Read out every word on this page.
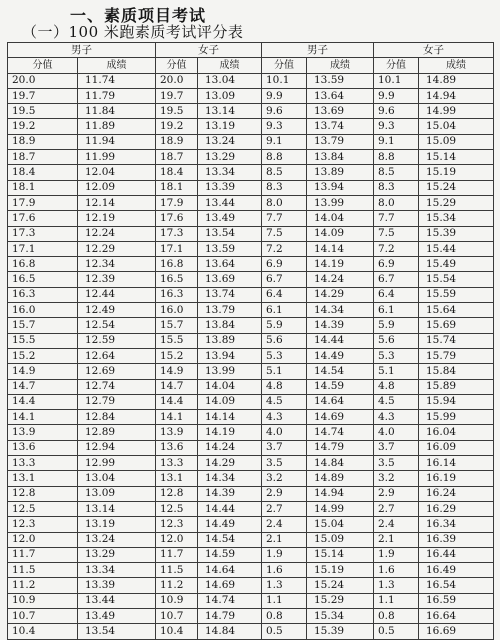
一、素质项目考试
（一）100 米跑素质考试评分表
男子		女子		男子		女子	
分值	成绩	分值	成绩	分值	成绩	分值	成绩
20.0	11.74	20.0	13.04	10.1	13.59	10.1	14.89
19.7	11.79	19.7	13.09	9.9	13.64	9.9	14.94
19.5	11.84	19.5	13.14	9.6	13.69	9.6	14.99
19.2	11.89	19.2	13.19	9.3	13.74	9.3	15.04
18.9	11.94	18.9	13.24	9.1	13.79	9.1	15.09
18.7	11.99	18.7	13.29	8.8	13.84	8.8	15.14
18.4	12.04	18.4	13.34	8.5	13.89	8.5	15.19
18.1	12.09	18.1	13.39	8.3	13.94	8.3	15.24
17.9	12.14	17.9	13.44	8.0	13.99	8.0	15.29
17.6	12.19	17.6	13.49	7.7	14.04	7.7	15.34
17.3	12.24	17.3	13.54	7.5	14.09	7.5	15.39
17.1	12.29	17.1	13.59	7.2	14.14	7.2	15.44
16.8	12.34	16.8	13.64	6.9	14.19	6.9	15.49
16.5	12.39	16.5	13.69	6.7	14.24	6.7	15.54
16.3	12.44	16.3	13.74	6.4	14.29	6.4	15.59
16.0	12.49	16.0	13.79	6.1	14.34	6.1	15.64
15.7	12.54	15.7	13.84	5.9	14.39	5.9	15.69
15.5	12.59	15.5	13.89	5.6	14.44	5.6	15.74
15.2	12.64	15.2	13.94	5.3	14.49	5.3	15.79
14.9	12.69	14.9	13.99	5.1	14.54	5.1	15.84
14.7	12.74	14.7	14.04	4.8	14.59	4.8	15.89
14.4	12.79	14.4	14.09	4.5	14.64	4.5	15.94
14.1	12.84	14.1	14.14	4.3	14.69	4.3	15.99
13.9	12.89	13.9	14.19	4.0	14.74	4.0	16.04
13.6	12.94	13.6	14.24	3.7	14.79	3.7	16.09
13.3	12.99	13.3	14.29	3.5	14.84	3.5	16.14
13.1	13.04	13.1	14.34	3.2	14.89	3.2	16.19
12.8	13.09	12.8	14.39	2.9	14.94	2.9	16.24
12.5	13.14	12.5	14.44	2.7	14.99	2.7	16.29
12.3	13.19	12.3	14.49	2.4	15.04	2.4	16.34
12.0	13.24	12.0	14.54	2.1	15.09	2.1	16.39
11.7	13.29	11.7	14.59	1.9	15.14	1.9	16.44
11.5	13.34	11.5	14.64	1.6	15.19	1.6	16.49
11.2	13.39	11.2	14.69	1.3	15.24	1.3	16.54
10.9	13.44	10.9	14.74	1.1	15.29	1.1	16.59
10.7	13.49	10.7	14.79	0.8	15.34	0.8	16.64
10.4	13.54	10.4	14.84	0.5	15.39	0.5	16.69
